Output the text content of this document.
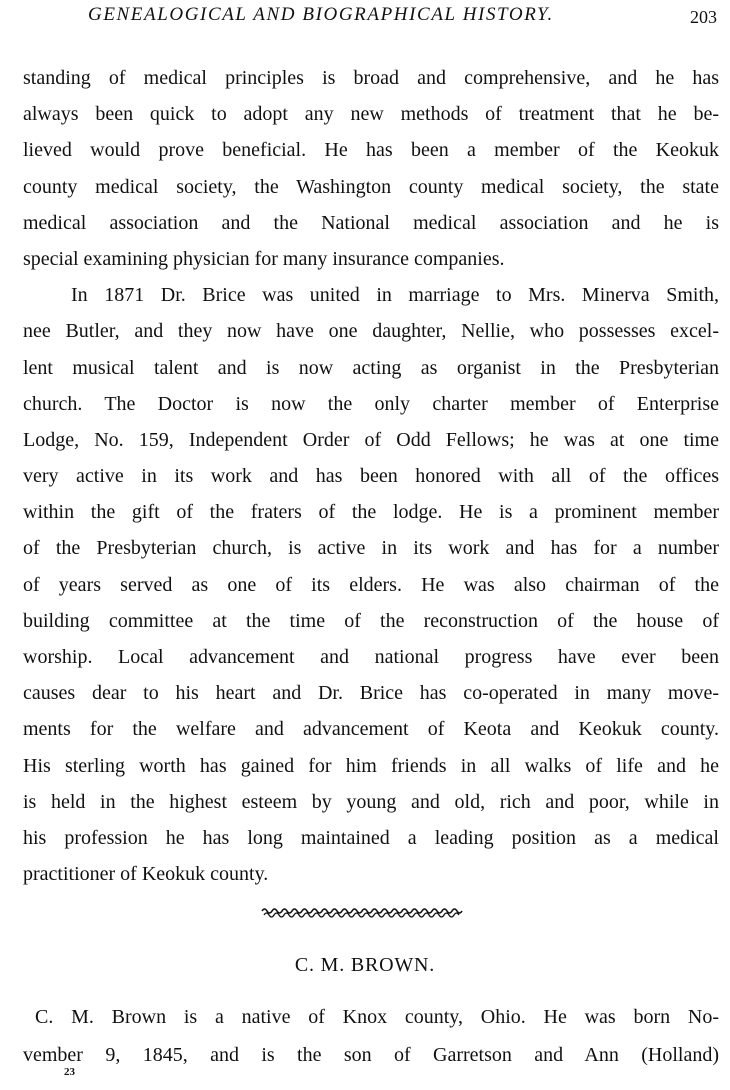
GENEALOGICAL AND BIOGRAPHICAL HISTORY.	203
standing of medical principles is broad and comprehensive, and he has
always been quick to adopt any new methods of treatment that he be-
lieved would prove beneficial. He has been a member of the Keokuk
county medical society, the Washington county medical society, the state
medical association and the National medical association and he is
special examining physician for many insurance companies.
In 1871 Dr. Brice was united in marriage to Mrs. Minerva Smith,
nee Butler, and they now have one daughter, Nellie, who possesses excel-
lent musical talent and is now acting as organist in the Presbyterian
church. The Doctor is now the only charter member of Enterprise
Lodge, No. 159, Independent Order of Odd Fellows; he was at one time
very active in its work and has been honored with all of the offices
within the gift of the fraters of the lodge. He is a prominent member
of the Presbyterian church, is active in its work and has for a number
of years served as one of its elders. He was also chairman of the
building committee at the time of the reconstruction of the house of
worship. Local advancement and national progress have ever been
causes dear to his heart and Dr. Brice has co-operated in many move-
ments for the welfare and advancement of Keota and Keokuk county.
His sterling worth has gained for him friends in all walks of life and he
is held in the highest esteem by young and old, rich and poor, while in
his profession he has long maintained a leading position as a medical
practitioner of Keokuk county.
C. M. BROWN.
C. M. Brown is a native of Knox county, Ohio. He was born No-
vember 9, 1845, and is the son of Garretson and Ann (Holland)
23
